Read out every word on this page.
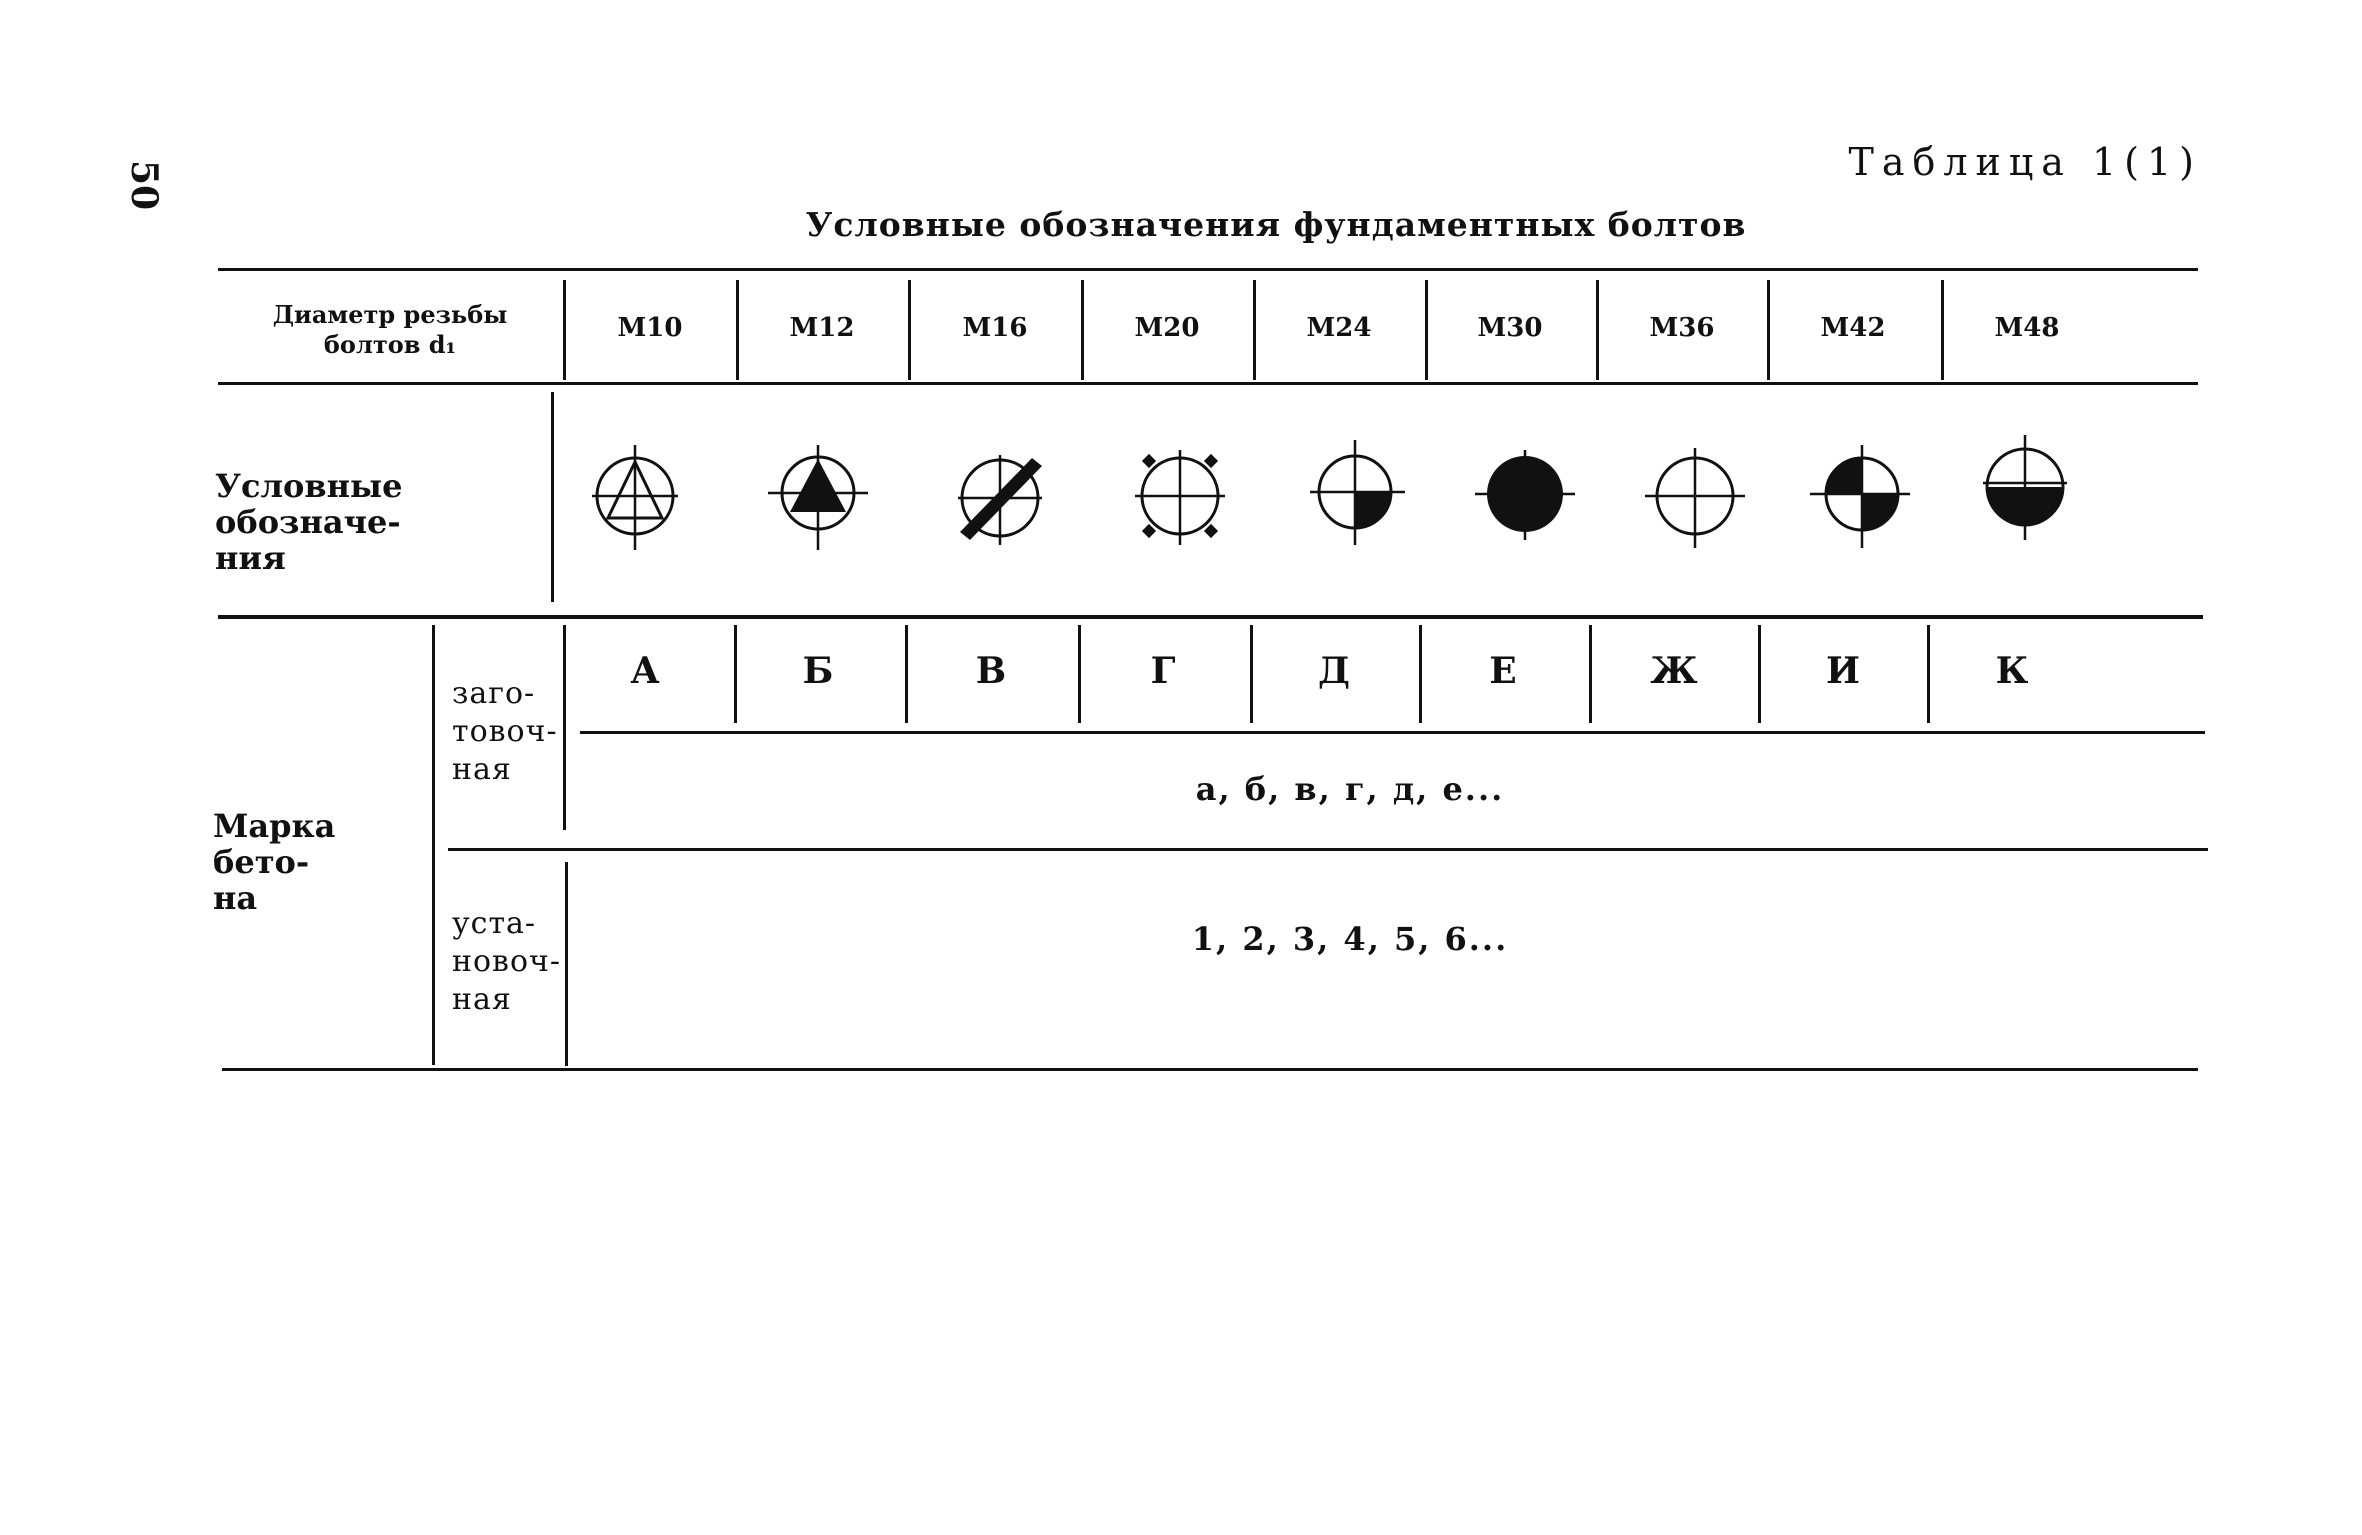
50	Таблица 1(1)
Условные обозначения фундаментных болтов
Диаметр резьбы
болтов d₁
М10	М12	М16	М20	М24	М30	М36	М42	М48
Условные обозначе-
ния
Марка бето-
на
заго-
товоч-
ная
А	Б	В	Г	Д	Е	Ж	И	К
а, б, в, г, д, е...
уста-
новоч-
ная
1, 2, 3, 4, 5, 6...
